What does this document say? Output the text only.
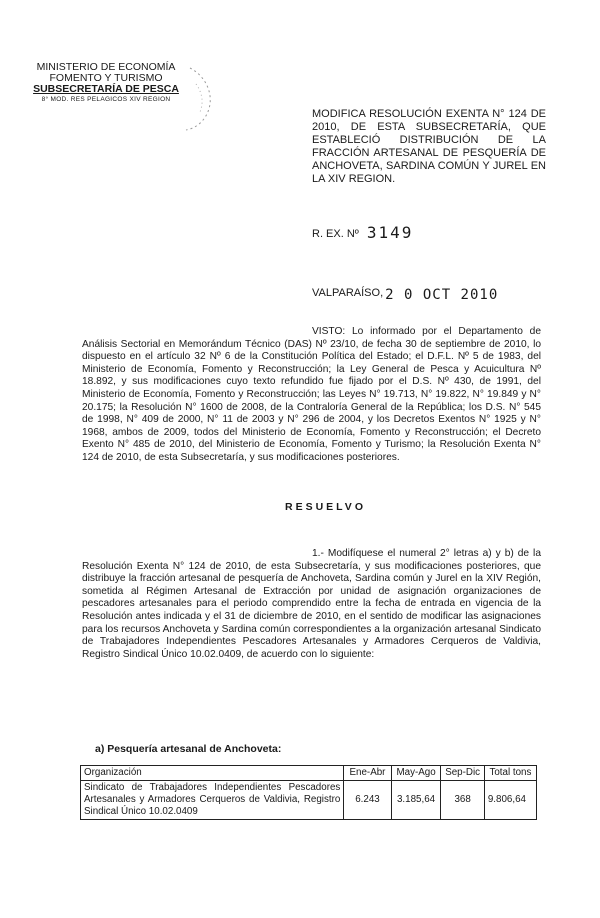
MINISTERIO DE ECONOMÍA
FOMENTO Y TURISMO
SUBSECRETARÍA DE PESCA
8° MOD. RES PELAGICOS XIV REGION
MODIFICA RESOLUCIÓN EXENTA N° 124 DE 2010, DE ESTA SUBSECRETARÍA, QUE ESTABLECIÓ DISTRIBUCIÓN DE LA FRACCIÓN ARTESANAL DE PESQUERÍA DE ANCHOVETA, SARDINA COMÚN Y JUREL EN LA XIV REGION.
R. EX. Nº 3149
VALPARAÍSO, 2 0 OCT 2010
VISTO: Lo informado por el Departamento de Análisis Sectorial en Memorándum Técnico (DAS) Nº 23/10, de fecha 30 de septiembre de 2010, lo dispuesto en el artículo 32 Nº 6 de la Constitución Política del Estado; el D.F.L. Nº 5 de 1983, del Ministerio de Economía, Fomento y Reconstrucción; la Ley General de Pesca y Acuicultura Nº 18.892, y sus modificaciones cuyo texto refundido fue fijado por el D.S. Nº 430, de 1991, del Ministerio de Economía, Fomento y Reconstrucción; las Leyes N° 19.713, N° 19.822, N° 19.849 y N° 20.175; la Resolución N° 1600 de 2008, de la Contraloría General de la República; los D.S. N° 545 de 1998, N° 409 de 2000, N° 11 de 2003 y N° 296 de 2004, y los Decretos Exentos N° 1925 y N° 1968, ambos de 2009, todos del Ministerio de Economía, Fomento y Reconstrucción; el Decreto Exento N° 485 de 2010, del Ministerio de Economía, Fomento y Turismo; la Resolución Exenta N° 124 de 2010, de esta Subsecretaría, y sus modificaciones posteriores.
RESUELVO
1.- Modifíquese el numeral 2° letras a) y b) de la Resolución Exenta N° 124 de 2010, de esta Subsecretaría, y sus modificaciones posteriores, que distribuye la fracción artesanal de pesquería de Anchoveta, Sardina común y Jurel en la XIV Región, sometida al Régimen Artesanal de Extracción por unidad de asignación organizaciones de pescadores artesanales para el periodo comprendido entre la fecha de entrada en vigencia de la Resolución antes indicada y el 31 de diciembre de 2010, en el sentido de modificar las asignaciones para los recursos Anchoveta y Sardina común correspondientes a la organización artesanal Sindicato de Trabajadores Independientes Pescadores Artesanales y Armadores Cerqueros de Valdivia, Registro Sindical Único 10.02.0409, de acuerdo con lo siguiente:
a) Pesquería artesanal de Anchoveta:
Organización	Ene-Abr	May-Ago	Sep-Dic	Total tons
Sindicato de Trabajadores Independientes Pescadores Artesanales y Armadores Cerqueros de Valdivia, Registro Sindical Único 10.02.0409	6.243	3.185,64	368	9.806,64
